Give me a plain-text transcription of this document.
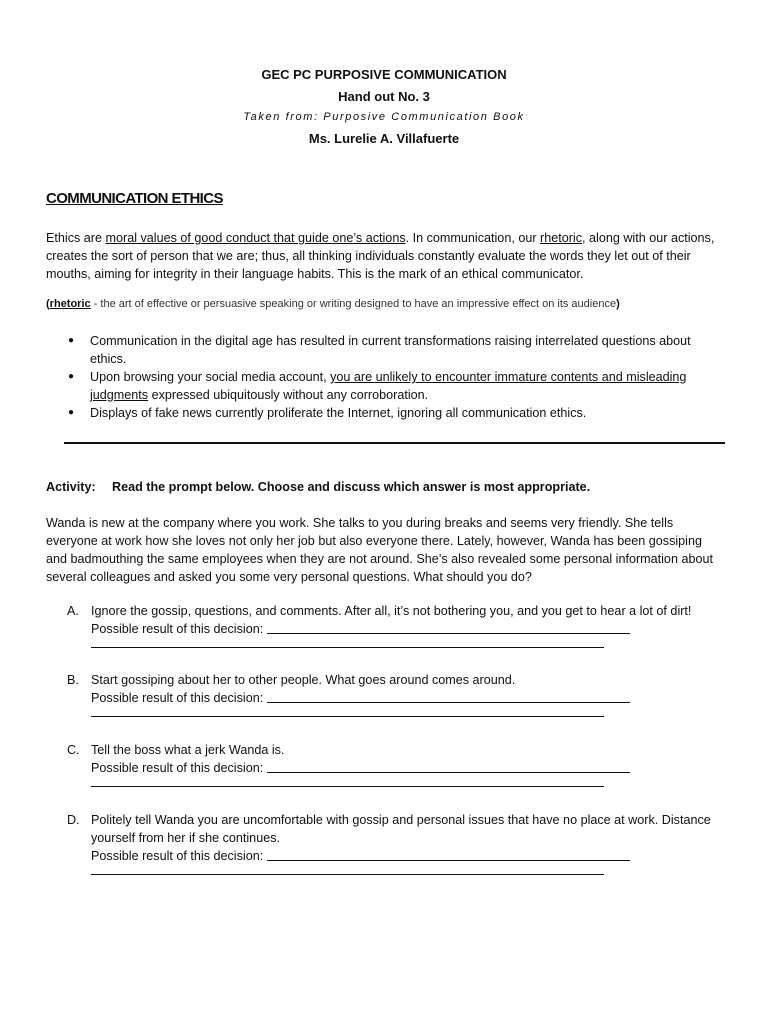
GEC PC PURPOSIVE COMMUNICATION
Hand out No. 3
Taken from: Purposive Communication Book
Ms. Lurelie A. Villafuerte
COMMUNICATION ETHICS
Ethics are moral values of good conduct that guide one’s actions. In communication, our rhetoric, along with our actions, creates the sort of person that we are; thus, all thinking individuals constantly evaluate the words they let out of their mouths, aiming for integrity in their language habits. This is the mark of an ethical communicator.
(rhetoric - the art of effective or persuasive speaking or writing designed to have an impressive effect on its audience)
● Communication in the digital age has resulted in current transformations raising interrelated questions about ethics.
● Upon browsing your social media account, you are unlikely to encounter immature contents and misleading judgments expressed ubiquitously without any corroboration.
● Displays of fake news currently proliferate the Internet, ignoring all communication ethics.
Activity: Read the prompt below. Choose and discuss which answer is most appropriate.
Wanda is new at the company where you work. She talks to you during breaks and seems very friendly. She tells everyone at work how she loves not only her job but also everyone there. Lately, however, Wanda has been gossiping and badmouthing the same employees when they are not around. She’s also revealed some personal information about several colleagues and asked you some very personal questions. What should you do?
A. Ignore the gossip, questions, and comments. After all, it’s not bothering you, and you get to hear a lot of dirt!
Possible result of this decision:
B. Start gossiping about her to other people. What goes around comes around.
Possible result of this decision:
C. Tell the boss what a jerk Wanda is.
Possible result of this decision:
D. Politely tell Wanda you are uncomfortable with gossip and personal issues that have no place at work. Distance yourself from her if she continues.
Possible result of this decision:
